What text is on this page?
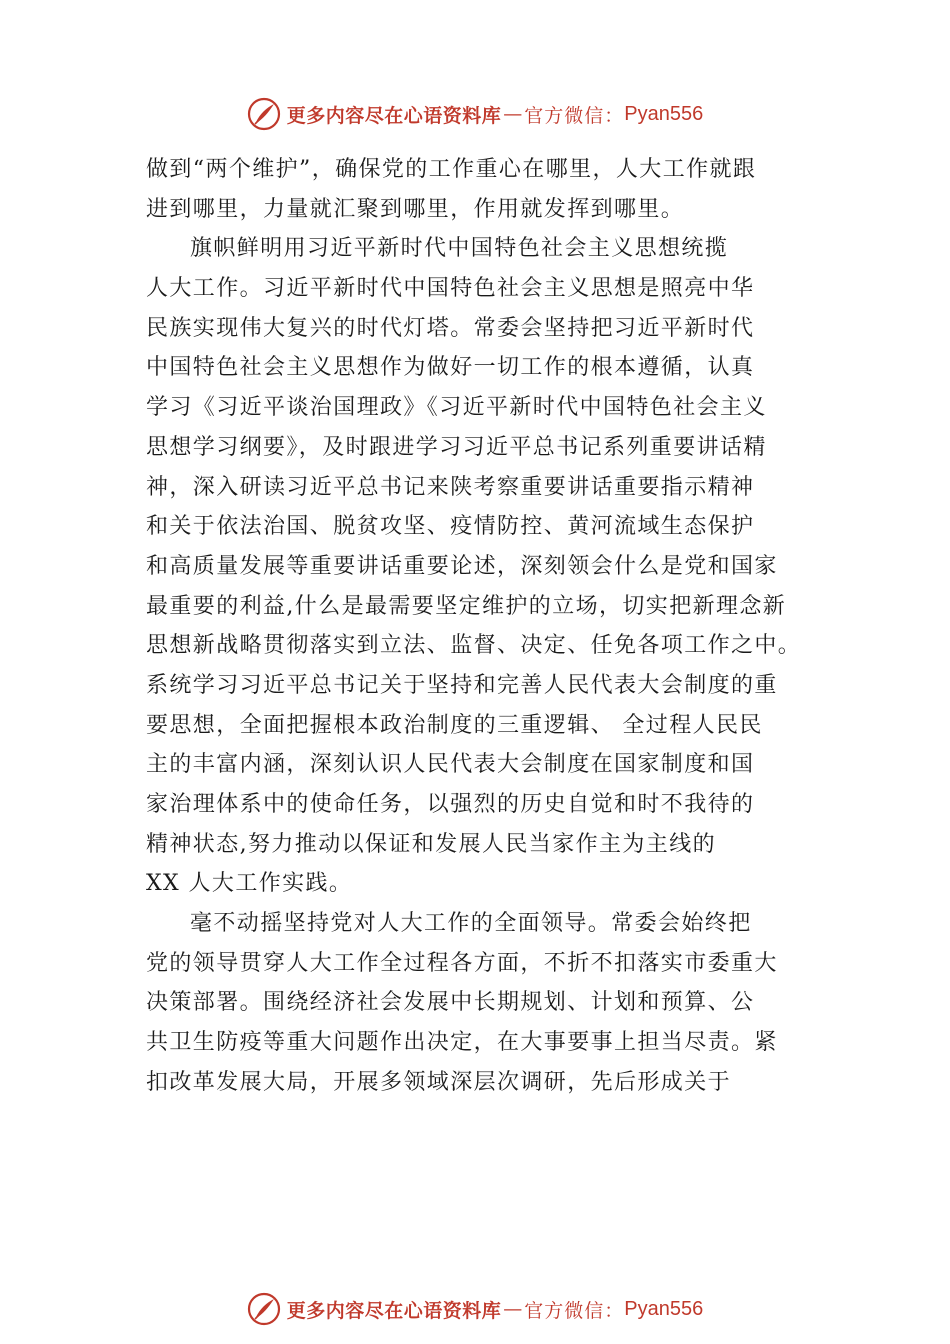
更多内容尽在心语资料库 — 官方微信： Pyan556
做到“两个维护”，确保党的工作重心在哪里，人大工作就跟
进到哪里，力量就汇聚到哪里，作用就发挥到哪里。
旗帜鲜明用习近平新时代中国特色社会主义思想统揽
人大工作。习近平新时代中国特色社会主义思想是照亮中华
民族实现伟大复兴的时代灯塔。常委会坚持把习近平新时代
中国特色社会主义思想作为做好一切工作的根本遵循，认真
学习《习近平谈治国理政》《习近平新时代中国特色社会主义
思想学习纲要》，及时跟进学习习近平总书记系列重要讲话精
神，深入研读习近平总书记来陕考察重要讲话重要指示精神
和关于依法治国、脱贫攻坚、疫情防控、黄河流域生态保护
和高质量发展等重要讲话重要论述，深刻领会什么是党和国家
最重要的利益,什么是最需要坚定维护的立场，切实把新理念新
思想新战略贯彻落实到立法、监督、决定、任免各项工作之中。
系统学习习近平总书记关于坚持和完善人民代表大会制度的重
要思想，全面把握根本政治制度的三重逻辑、 全过程人民民
主的丰富内涵，深刻认识人民代表大会制度在国家制度和国
家治理体系中的使命任务，以强烈的历史自觉和时不我待的
精神状态,努力推动以保证和发展人民当家作主为主线的
XX 人大工作实践。
毫不动摇坚持党对人大工作的全面领导。常委会始终把
党的领导贯穿人大工作全过程各方面，不折不扣落实市委重大
决策部署。围绕经济社会发展中长期规划、计划和预算、公
共卫生防疫等重大问题作出决定，在大事要事上担当尽责。紧
扣改革发展大局，开展多领域深层次调研，先后形成关于
更多内容尽在心语资料库 — 官方微信： Pyan556
